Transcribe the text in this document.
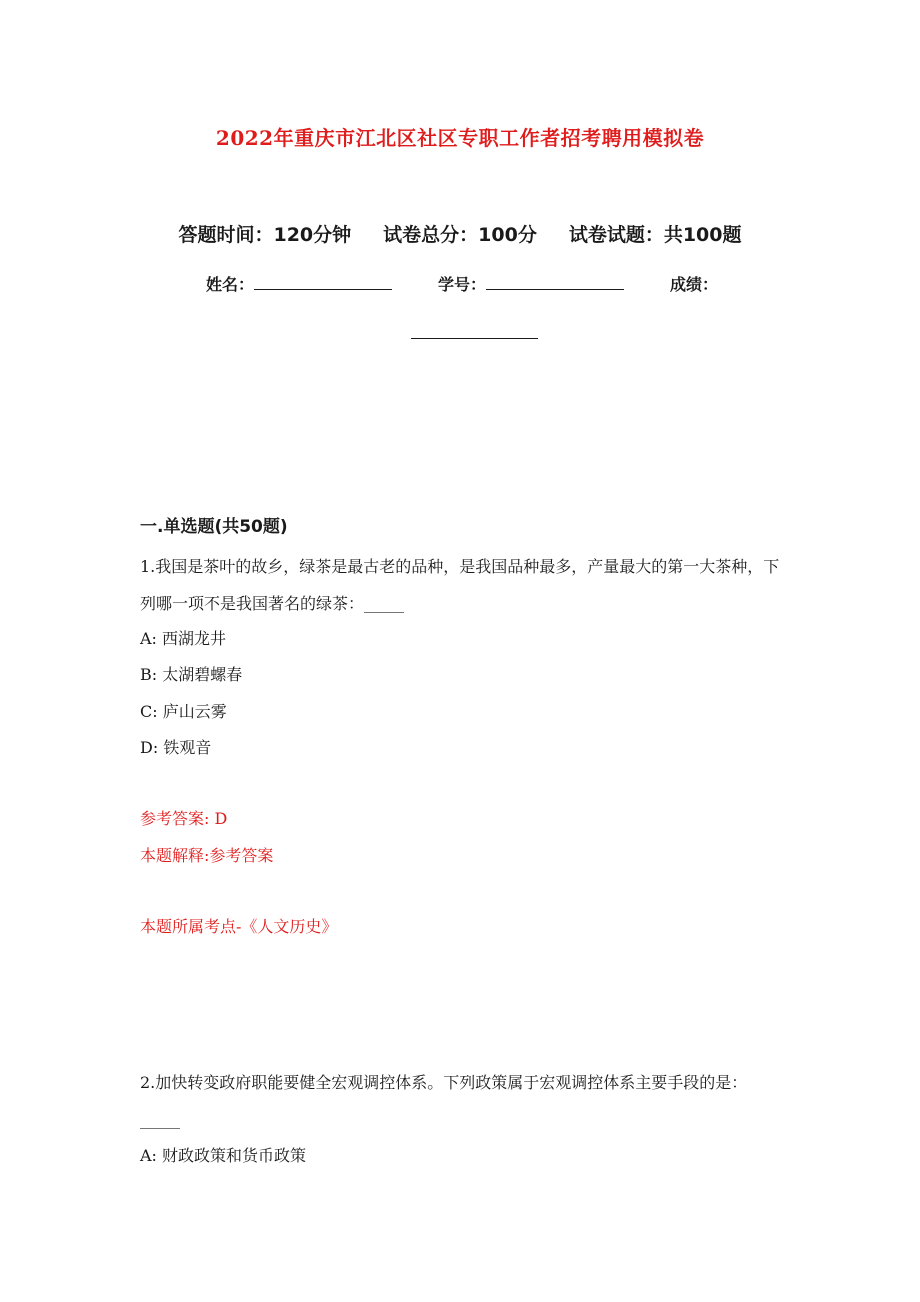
2022年重庆市江北区社区专职工作者招考聘用模拟卷
答题时间：120分钟 试卷总分：100分 试卷试题：共100题
姓名：	学号：	成绩：
一.单选题(共50题)
1.我国是茶叶的故乡，绿茶是最古老的品种，是我国品种最多，产量最大的第一大茶种，下列哪一项不是我国著名的绿茶：_____
A: 西湖龙井
B: 太湖碧螺春
C: 庐山云雾
D: 铁观音
参考答案: D
本题解释:参考答案
本题所属考点-《人文历史》
2.加快转变政府职能要健全宏观调控体系。下列政策属于宏观调控体系主要手段的是：_____
A: 财政政策和货币政策
